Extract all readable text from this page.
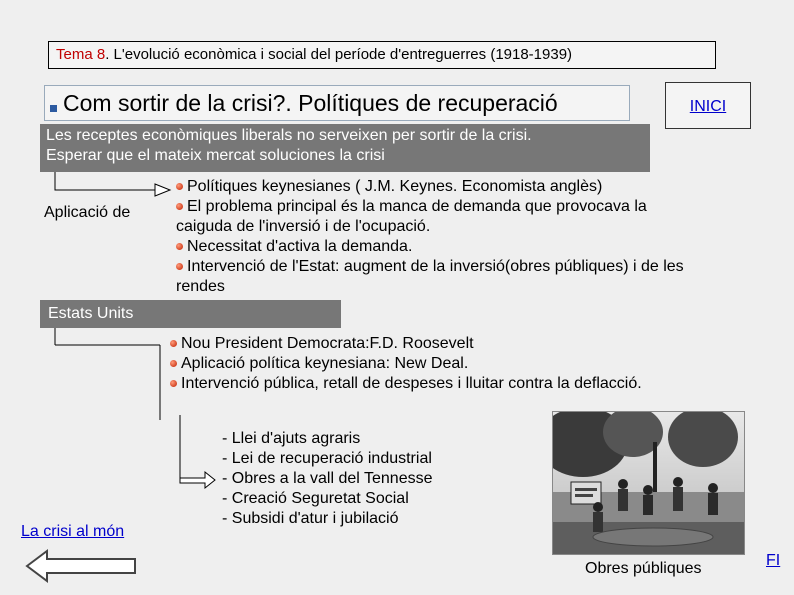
Tema 8. L'evolució econòmica i social del període d'entreguerres (1918-1939)
Com sortir de la crisi?. Polítiques de recuperació	INICI
Les receptes econòmiques liberals no serveixen per sortir de la crisi.
Esperar que el mateix mercat soluciones la crisi
Aplicació de
Polítiques keynesianes ( J.M. Keynes. Economista anglès)
El problema principal és la manca de demanda que provocava la
caiguda de l'inversió i de l'ocupació.
Necessitat d'activa la demanda.
Intervenció de l'Estat: augment de la inversió(obres públiques) i de les
rendes
Estats Units
Nou President Democrata:F.D. Roosevelt
Aplicació política keynesiana: New Deal.
Intervenció pública, retall de despeses i lluitar contra la deflacció.
- Llei d'ajuts agraris
- Lei de recuperació industrial
- Obres a la vall del Tennesse
- Creació Seguretat Social
- Subsidi d'atur i jubilació
Obres públiques
La crisi al món
FI
